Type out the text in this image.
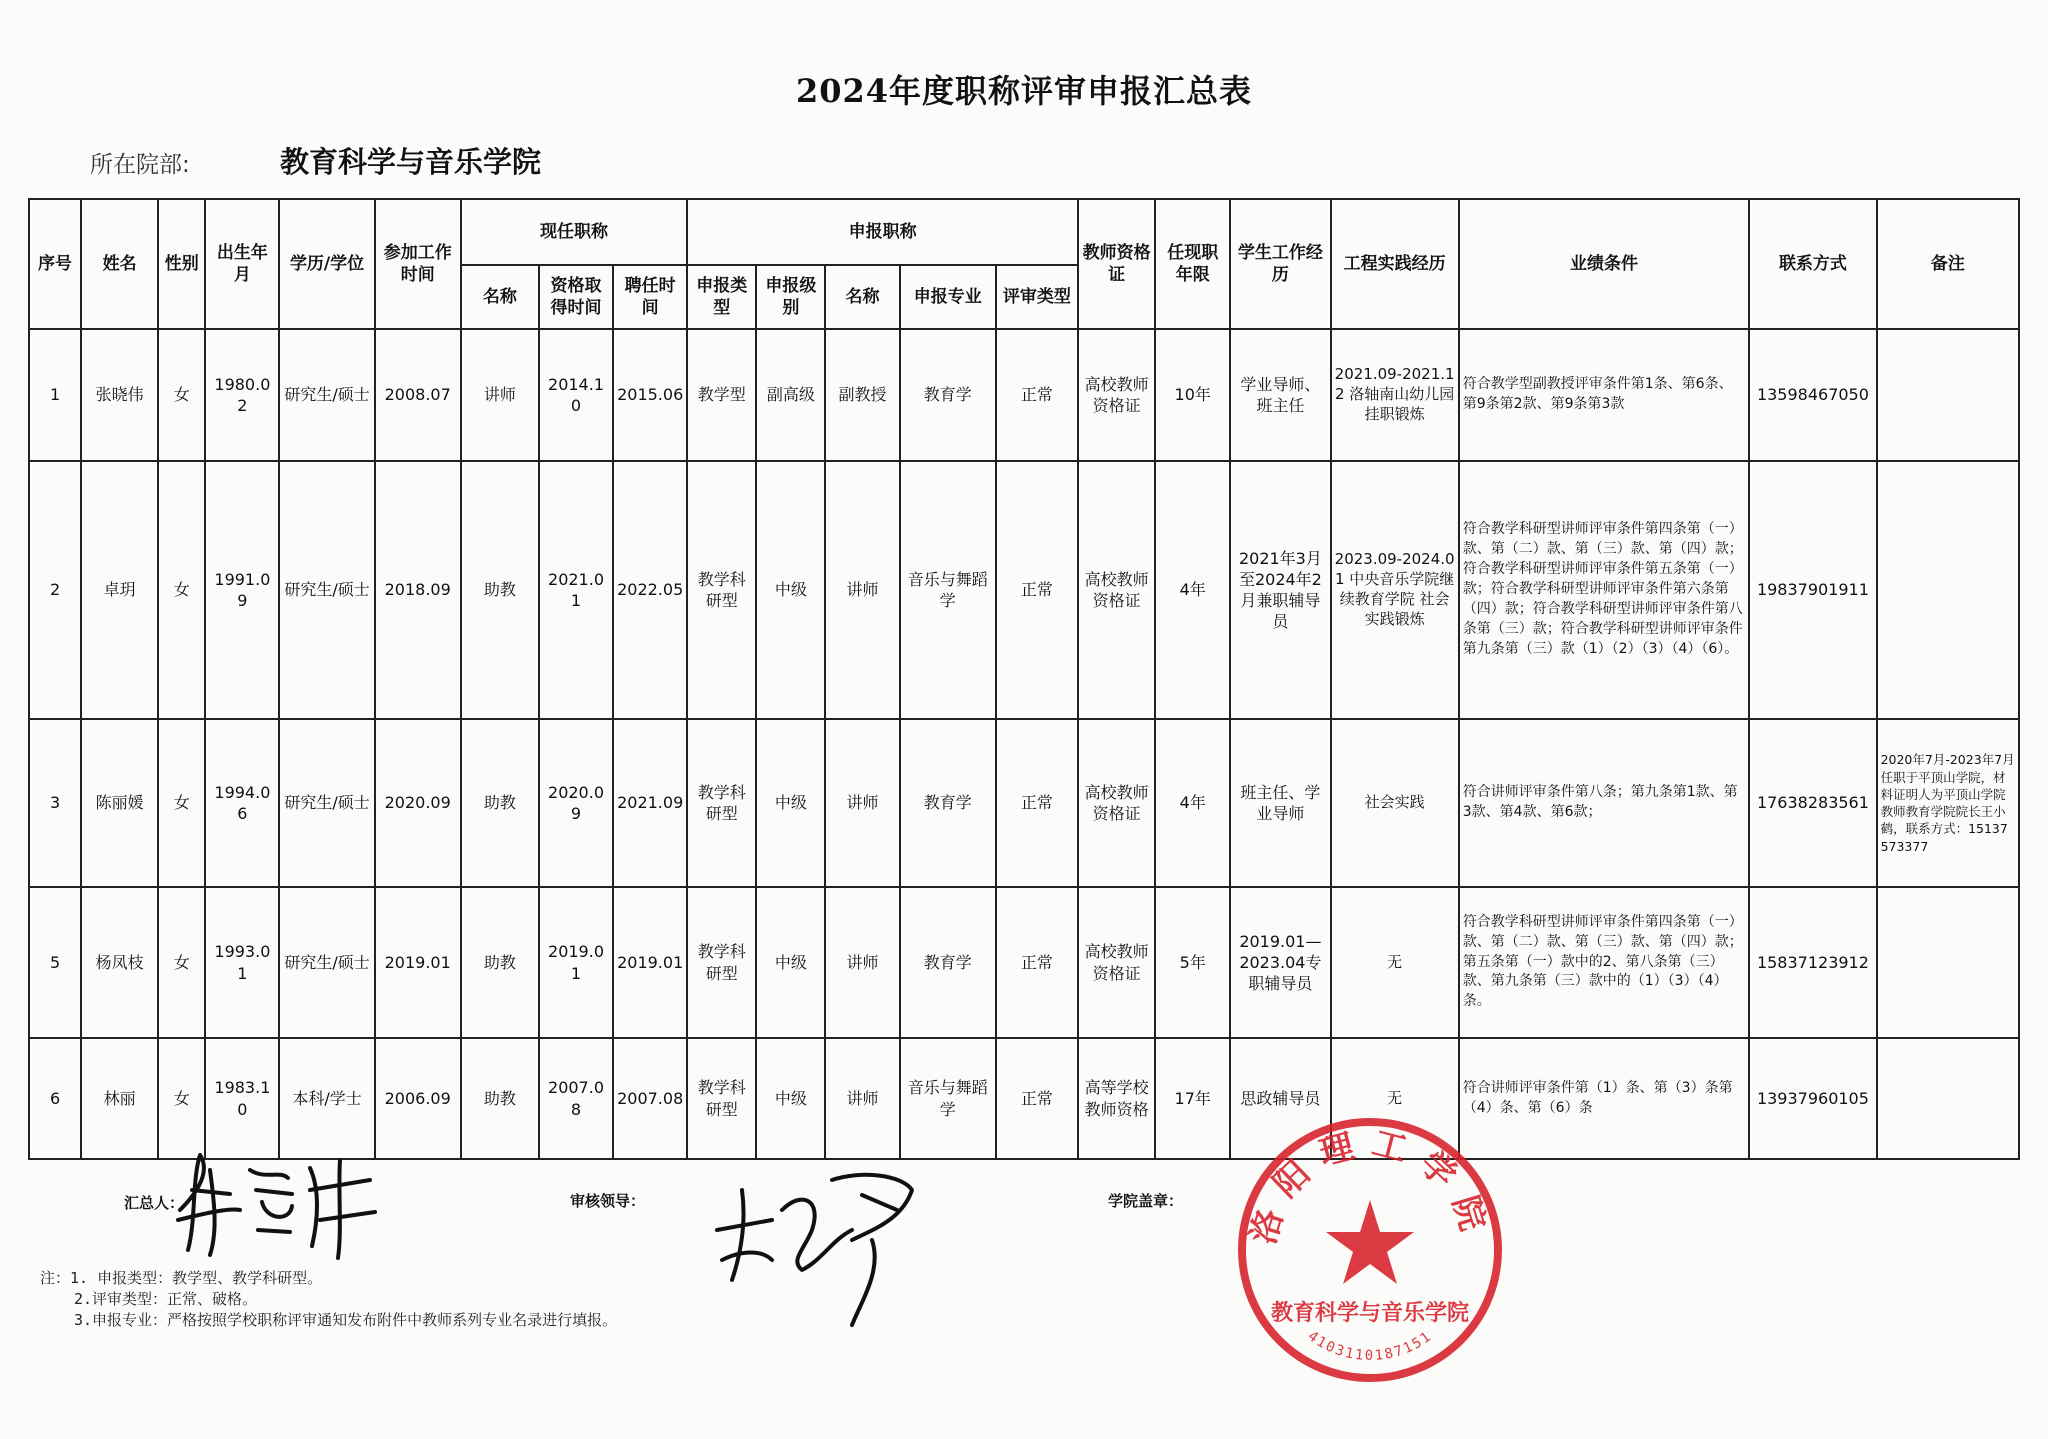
2024年度职称评审申报汇总表
所在院部:	教育科学与音乐学院
序号	姓名	性别	出生年月	学历/学位	参加工作时间	现任职称			申报职称					教师资格证	任现职年限	学生工作经历	工程实践经历	业绩条件	联系方式	备注
						名称	资格取得时间	聘任时间	申报类型	申报级别	名称	申报专业	评审类型							
1	张晓伟	女	1980.02	研究生/硕士	2008.07	讲师	2014.10	2015.06	教学型	副高级	副教授	教育学	正常	高校教师资格证	10年	学业导师、班主任	2021.09-2021.12 洛轴南山幼儿园挂职锻炼	符合教学型副教授评审条件第1条、第6条、第9条第2款、第9条第3款	13598467050	
2	卓玥	女	1991.09	研究生/硕士	2018.09	助教	2021.01	2022.05	教学科研型	中级	讲师	音乐与舞蹈学	正常	高校教师资格证	4年	2021年3月至2024年2月兼职辅导员	2023.09-2024.01 中央音乐学院继续教育学院 社会实践锻炼	符合教学科研型讲师评审条件第四条第（一）款、第（二）款、第（三）款、第（四）款；符合教学科研型讲师评审条件第五条第（一）款；符合教学科研型讲师评审条件第六条第（四）款；符合教学科研型讲师评审条件第八条第（三）款；符合教学科研型讲师评审条件第九条第（三）款（1）（2）（3）（4）（6）。	19837901911	
3	陈丽媛	女	1994.06	研究生/硕士	2020.09	助教	2020.09	2021.09	教学科研型	中级	讲师	教育学	正常	高校教师资格证	4年	班主任、学业导师	社会实践	符合讲师评审条件第八条；第九条第1款、第3款、第4款、第6款；	17638283561	2020年7月-2023年7月任职于平顶山学院，材料证明人为平顶山学院教师教育学院院长王小鹤，联系方式：15137573377
5	杨凤枝	女	1993.01	研究生/硕士	2019.01	助教	2019.01	2019.01	教学科研型	中级	讲师	教育学	正常	高校教师资格证	5年	2019.01—2023.04专职辅导员	无	符合教学科研型讲师评审条件第四条第（一）款、第（二）款、第（三）款、第（四）款；第五条第（一）款中的2、第八条第（三）款、第九条第（三）款中的（1）（3）（4）条。	15837123912	
6	林丽	女	1983.10	本科/学士	2006.09	助教	2007.08	2007.08	教学科研型	中级	讲师	音乐与舞蹈学	正常	高等学校教师资格	17年	思政辅导员	无	符合讲师评审条件第（1）条、第（3）条第（4）条、第（6）条	13937960105	
汇总人：	审核领导：	学院盖章： 洛阳理工学院
教育科学与音乐学院
4103110187151
注：1. 申报类型：教学型、教学科研型。
2.评审类型：正常、破格。
3.申报专业：严格按照学校职称评审通知发布附件中教师系列专业名录进行填报。
